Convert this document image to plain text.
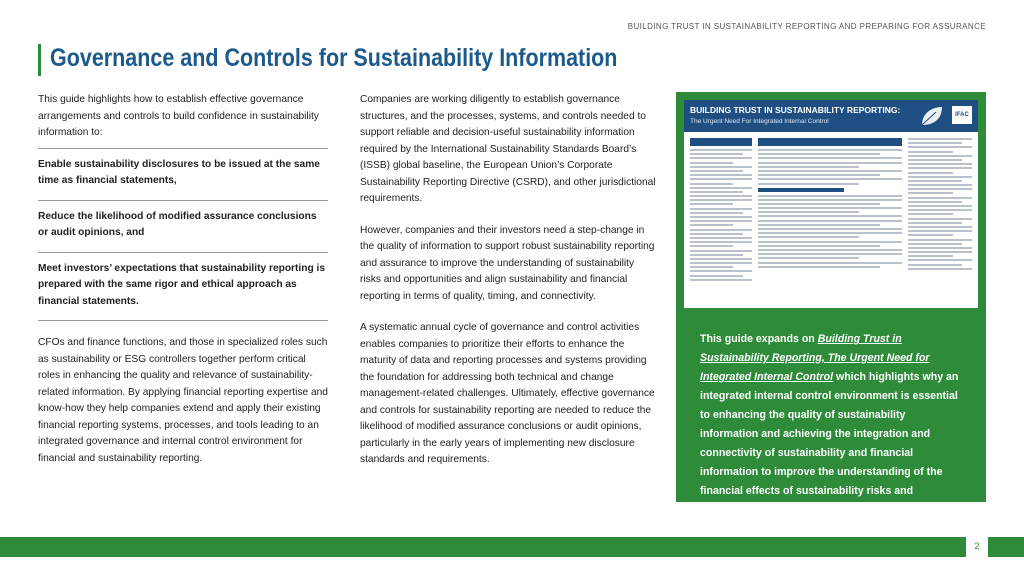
BUILDING TRUST IN SUSTAINABILITY REPORTING AND PREPARING FOR ASSURANCE
Governance and Controls for Sustainability Information

This guide highlights how to establish effective governance arrangements and controls to build confidence in sustainability information to:

Enable sustainability disclosures to be issued at the same time as financial statements,
Reduce the likelihood of modified assurance conclusions or audit opinions, and
Meet investors’ expectations that sustainability reporting is prepared with the same rigor and ethical approach as financial statements.

CFOs and finance functions, and those in specialized roles such as sustainability or ESG controllers together perform critical roles in enhancing the quality and relevance of sustainability-related information. By applying financial reporting expertise and know-how they help companies extend and apply their existing financial reporting systems, processes, and tools leading to an integrated governance and internal control environment for financial and sustainability reporting.

Companies are working diligently to establish governance structures, and the processes, systems, and controls needed to support reliable and decision-useful sustainability information required by the International Sustainability Standards Board’s (ISSB) global baseline, the European Union’s Corporate Sustainability Reporting Directive (CSRD), and other jurisdictional requirements.

However, companies and their investors need a step-change in the quality of information to support robust sustainability reporting and assurance to improve the understanding of sustainability risks and opportunities and align sustainability and financial reporting in terms of quality, timing, and connectivity.

A systematic annual cycle of governance and control activities enables companies to prioritize their efforts to enhance the maturity of data and reporting processes and systems providing the foundation for addressing both technical and change management-related challenges. Ultimately, effective governance and controls for sustainability reporting are needed to reduce the likelihood of modified assurance conclusions or audit opinions, particularly in the early years of implementing new disclosure standards and requirements.

BUILDING TRUST IN SUSTAINABILITY REPORTING:
The Urgent Need For Integrated Internal Control
IFAC
This guide expands on Building Trust in Sustainability Reporting, The Urgent Need for Integrated Internal Control which highlights why an integrated internal control environment is essential to enhancing the quality of sustainability information and achieving the integration and connectivity of sustainability and financial information to improve the understanding of the financial effects of sustainability risks and opportunities.
2
